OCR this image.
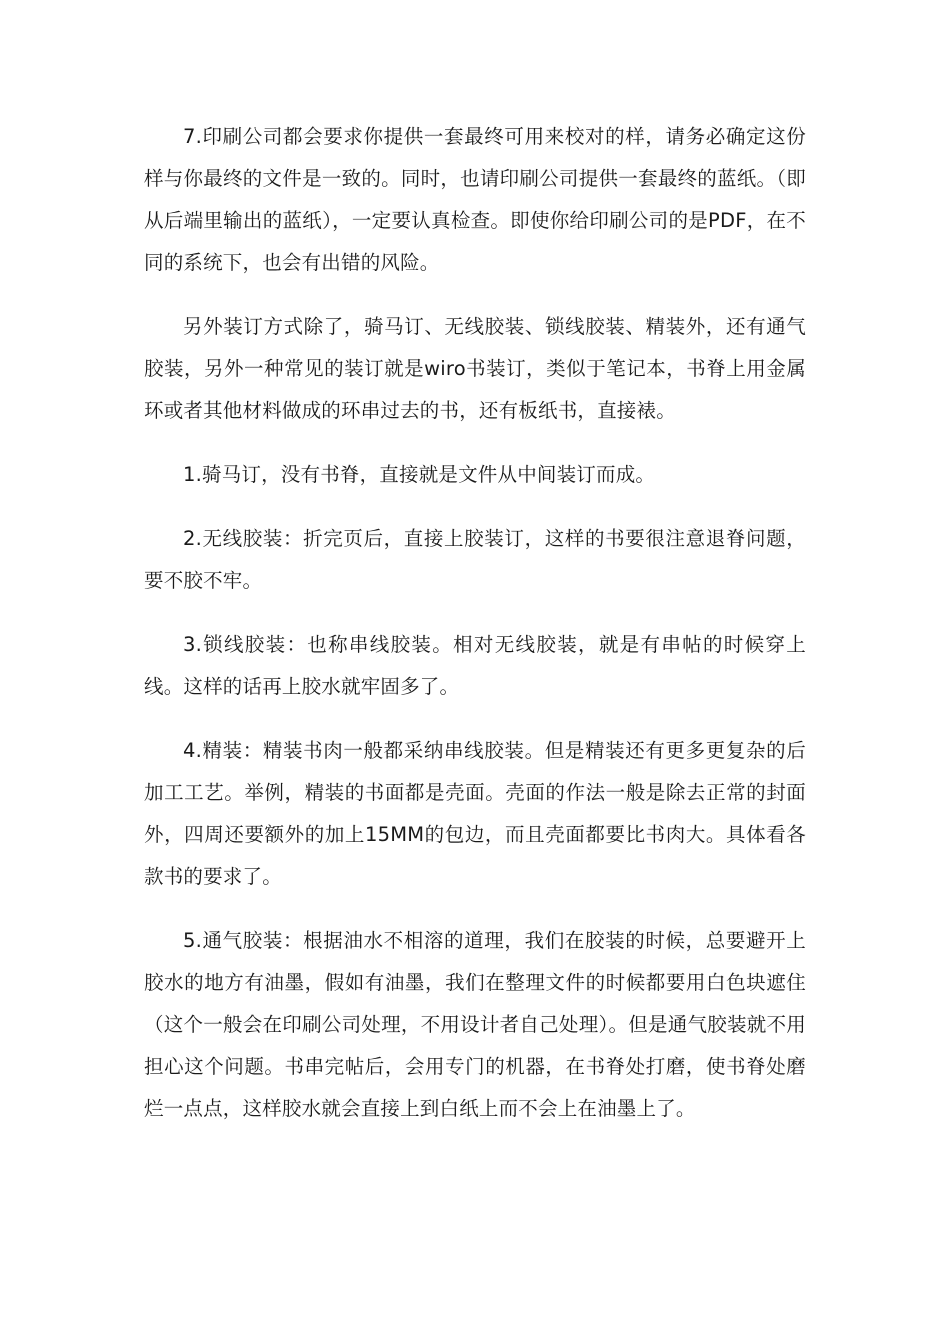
7.印刷公司都会要求你提供一套最终可用来校对的样，请务必确定这份样与你最终的文件是一致的。同时，也请印刷公司提供一套最终的蓝纸。（即从后端里输出的蓝纸），一定要认真检查。即使你给印刷公司的是PDF，在不同的系统下，也会有出错的风险。

另外装订方式除了，骑马订、无线胶装、锁线胶装、精装外，还有通气胶装，另外一种常见的装订就是wiro书装订，类似于笔记本，书脊上用金属环或者其他材料做成的环串过去的书，还有板纸书，直接裱。

1.骑马订，没有书脊，直接就是文件从中间装订而成。

2.无线胶装：折完页后，直接上胶装订，这样的书要很注意退脊问题，要不胶不牢。

3.锁线胶装：也称串线胶装。相对无线胶装，就是有串帖的时候穿上线。这样的话再上胶水就牢固多了。

4.精装：精装书肉一般都采纳串线胶装。但是精装还有更多更复杂的后加工工艺。举例，精装的书面都是壳面。壳面的作法一般是除去正常的封面外，四周还要额外的加上15MM的包边，而且壳面都要比书肉大。具体看各款书的要求了。

5.通气胶装：根据油水不相溶的道理，我们在胶装的时候，总要避开上胶水的地方有油墨，假如有油墨，我们在整理文件的时候都要用白色块遮住（这个一般会在印刷公司处理，不用设计者自己处理）。但是通气胶装就不用担心这个问题。书串完帖后，会用专门的机器，在书脊处打磨，使书脊处磨烂一点点，这样胶水就会直接上到白纸上而不会上在油墨上了。
